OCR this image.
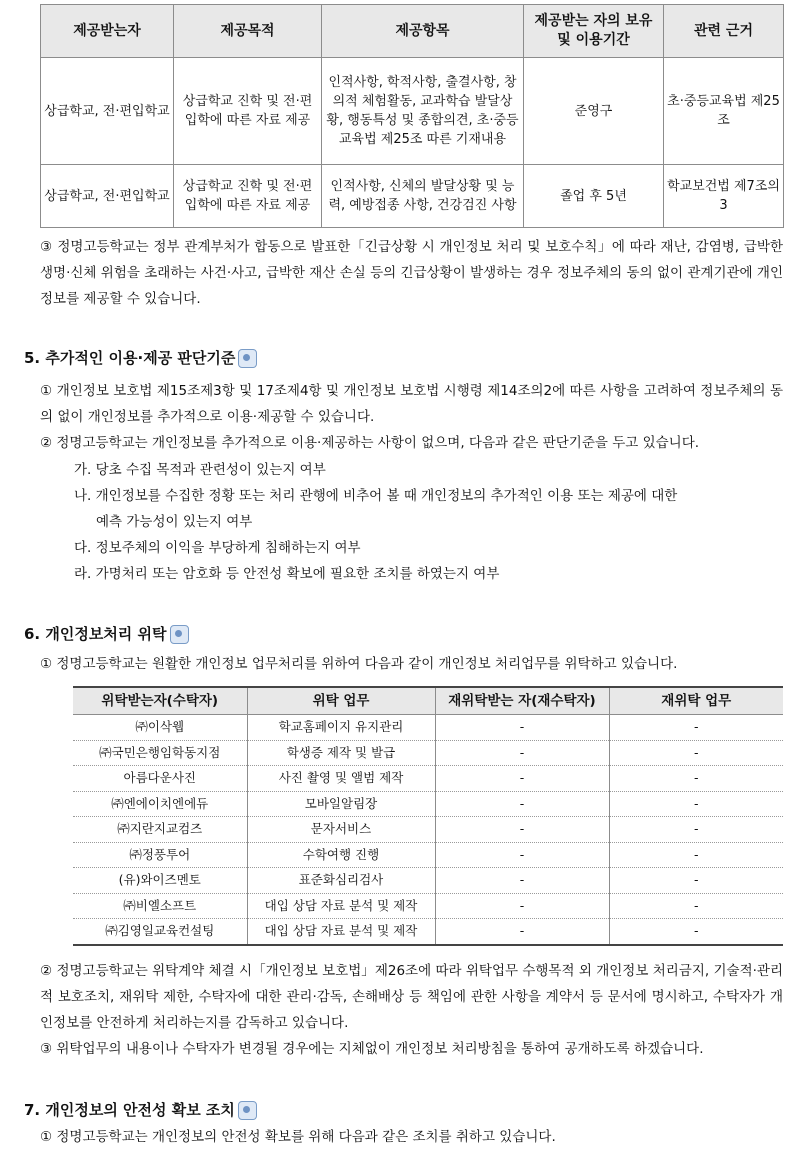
제공받는자	제공목적	제공항목	제공받는 자의 보유 및 이용기간	관련 근거
상급학교, 전·편입학교	상급학교 진학 및 전·편입학에 따른 자료 제공	인적사항, 학적사항, 출결사항, 창의적 체험활동, 교과학습 발달상황, 행동특성 및 종합의견, 초·중등교육법 제25조 따른 기재내용	준영구	초·중등교육법 제25조
상급학교, 전·편입학교	상급학교 진학 및 전·편입학에 따른 자료 제공	인적사항, 신체의 발달상황 및 능력, 예방접종 사항, 건강검진 사항	졸업 후 5년	학교보건법 제7조의3

③ 정명고등학교는 정부 관계부처가 합동으로 발표한「긴급상황 시 개인정보 처리 및 보호수칙」에 따라 재난, 감염병, 급박한 생명·신체 위험을 초래하는 사건·사고, 급박한 재산 손실 등의 긴급상황이 발생하는 경우 정보주체의 동의 없이 관계기관에 개인정보를 제공할 수 있습니다.

5. 추가적인 이용·제공 판단기준

① 개인정보 보호법 제15조제3항 및 17조제4항 및 개인정보 보호법 시행령 제14조의2에 따른 사항을 고려하여 정보주체의 동의 없이 개인정보를 추가적으로 이용·제공할 수 있습니다.

② 정명고등학교는 개인정보를 추가적으로 이용·제공하는 사항이 없으며, 다음과 같은 판단기준을 두고 있습니다.

가. 당초 수집 목적과 관련성이 있는지 여부

나. 개인정보를 수집한 정황 또는 처리 관행에 비추어 볼 때 개인정보의 추가적인 이용 또는 제공에 대한

예측 가능성이 있는지 여부

다. 정보주체의 이익을 부당하게 침해하는지 여부

라. 가명처리 또는 암호화 등 안전성 확보에 필요한 조치를 하였는지 여부

6. 개인정보처리 위탁

① 정명고등학교는 원활한 개인정보 업무처리를 위하여 다음과 같이 개인정보 처리업무를 위탁하고 있습니다.

위탁받는자(수탁자)	위탁 업무	재위탁받는 자(재수탁자)	재위탁 업무
㈜이삭웹	학교홈페이지 유지관리	-	-
㈜국민은행임학동지점	학생증 제작 및 발급	-	-
아름다운사진	사진 촬영 및 앨범 제작	-	-
㈜엔에이치엔에듀	모바일알림장	-	-
㈜지란지교컴즈	문자서비스	-	-
㈜정풍투어	수학여행 진행	-	-
(유)와이즈멘토	표준화심리검사	-	-
㈜비엘소프트	대입 상담 자료 분석 및 제작	-	-
㈜김영일교육컨설팅	대입 상담 자료 분석 및 제작	-	-

② 정명고등학교는 위탁계약 체결 시「개인정보 보호법」제26조에 따라 위탁업무 수행목적 외 개인정보 처리금지, 기술적·관리적 보호조치, 재위탁 제한, 수탁자에 대한 관리·감독, 손해배상 등 책임에 관한 사항을 계약서 등 문서에 명시하고, 수탁자가 개인정보를 안전하게 처리하는지를 감독하고 있습니다.

③ 위탁업무의 내용이나 수탁자가 변경될 경우에는 지체없이 개인정보 처리방침을 통하여 공개하도록 하겠습니다.

7. 개인정보의 안전성 확보 조치

① 정명고등학교는 개인정보의 안전성 확보를 위해 다음과 같은 조치를 취하고 있습니다.
